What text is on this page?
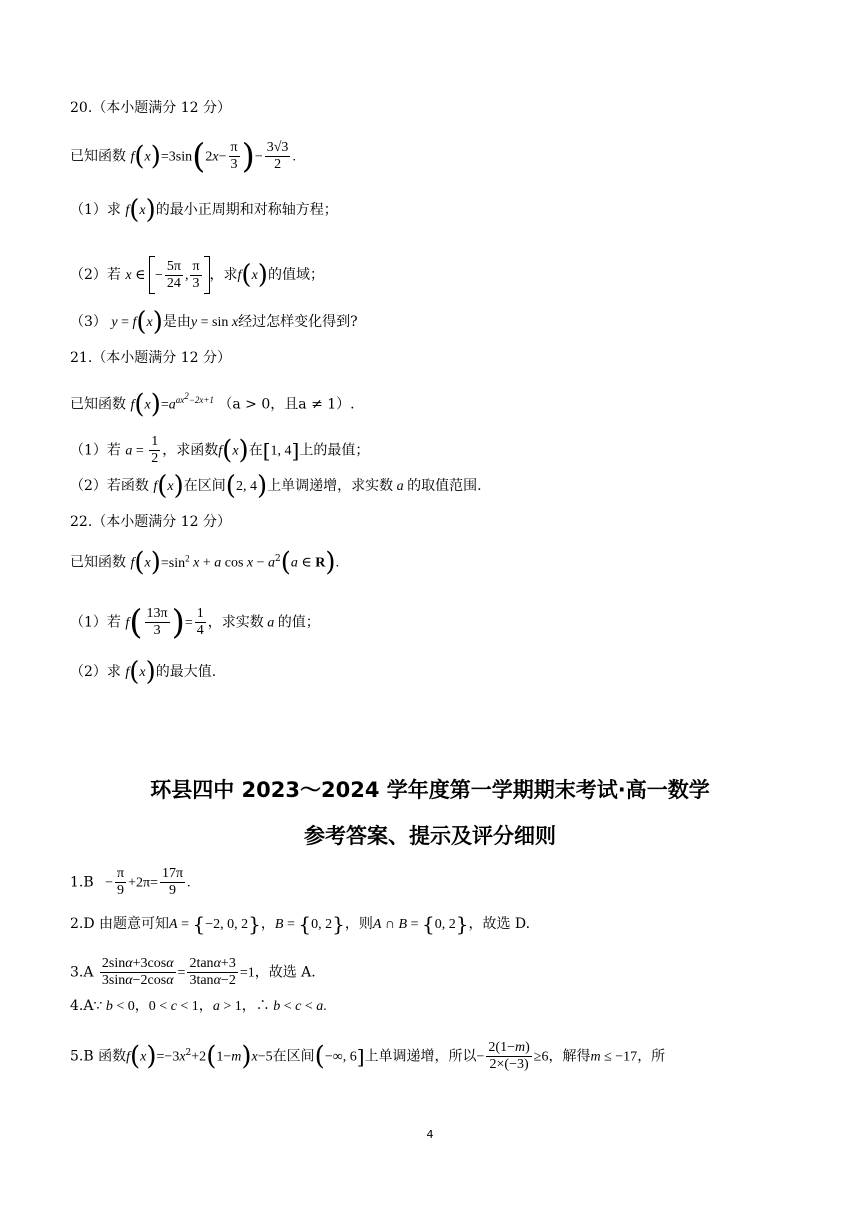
20.（本小题满分 12 分）
已知函数 $f(x)=3\sin(2x- \frac{\pi}{3}$ )− $\frac{3√3}{2}$ .
（1）求 f(x)的最小正周期和对称轴方程；
（2）若 x ∈ − $\frac{5\pi}{24}$ , $\frac{\pi}{3}$ ，求f(x)的值域；
（3） y = f(x)是由y = sin x经过怎样变化得到?
21.（本小题满分 12 分）
已知函数 $f(x)=a^{ax^2-2x+1}$ （a > 0，且a ≠ 1）.
（1）若 $a = \frac{1}{2}$ ，求函数f(x)在[1, 4]上的最值；
（2）若函数 f(x)在区间(2, 4)上单调递增，求实数 a 的取值范围.
22.（本小题满分 12 分）
已知函数 $f(x)=\sin^2$ x + a $\cos x - a^2(a$ ∈ R).
（1）若 $f( \frac{13\pi}{3}$ )= $\frac{1}{4}$ ，求实数 a 的值；
（2）求 f(x)的最大值.
环县四中 2023～2024 学年度第一学期期末考试·高一数学
参考答案、提示及评分细则
$1.B - \frac{\pi}{9} +2\pi= \frac{17\pi}{9}$ .
2.D 由题意可知A = {−2, 0, 2}，B = {0, 2}，则A ∩ B = {0, 2}，故选 D.
$3.A \frac{2\sin\alpha+3\cos\alpha}{3\sin\alpha-2\cos\alpha} = \frac{2\tan\alpha+3}{3\tan\alpha-2} =1$，故选 A.
4.A∵ b < 0，0 < c < 1，a > 1，∴ b < c < a.
5.B 函数$f(x)=-3x^2+2(1-m)x-5$在区间(−∞, 6]上单调递增，所以− $\frac{2(1-m)}{2\times(-3)} \ge 6$，解得m ≤ −17，所
4
